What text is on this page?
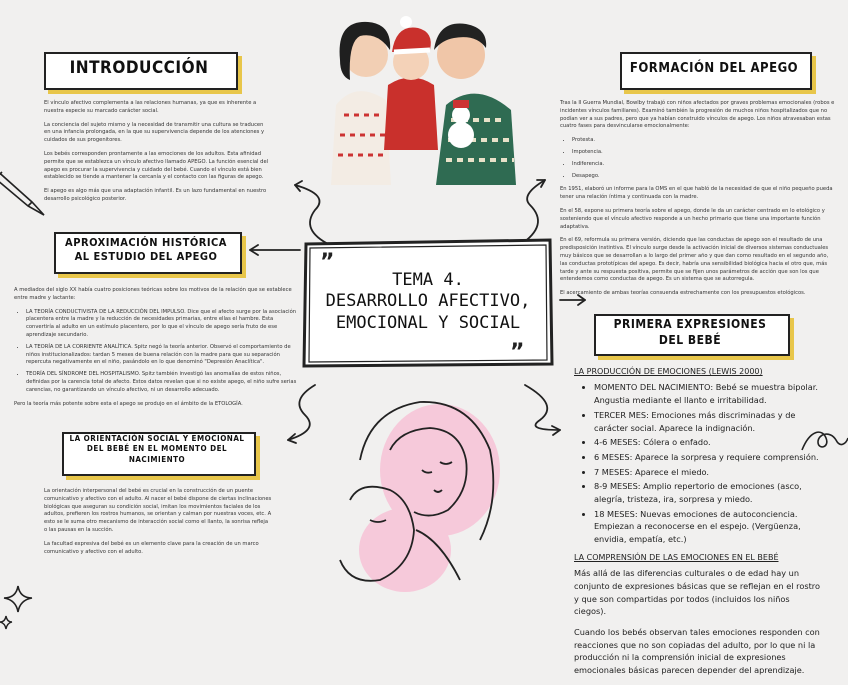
”
”
TEMA 4.
DESARROLLO AFECTIVO,
EMOCIONAL Y SOCIAL
INTRODUCCIÓN

El vínculo afectivo complementa a las relaciones humanas, ya que es inherente a nuestra especie su marcado carácter social.

La conciencia del sujeto mismo y la necesidad de transmitir una cultura se traducen en una infancia prolongada, en la que su supervivencia depende de los atenciones y cuidados de sus progenitores.

Los bebés corresponden prontamente a las emociones de los adultos. Esta afinidad permite que se establezca un vínculo afectivo llamado APEGO. La función esencial del apego es procurar la supervivencia y cuidado del bebé. Cuando el vínculo está bien establecido se tiende a mantener la cercanía y el contacto con las figuras de apego.

El apego es algo más que una adaptación infantil. Es un lazo fundamental en nuestro desarrollo psicológico posterior.

APROXIMACIÓN HISTÓRICA
AL ESTUDIO DEL APEGO

A mediados del siglo XX había cuatro posiciones teóricas sobre los motivos de la relación que se establece entre madre y lactante:

• LA TEORÍA CONDUCTIVISTA DE LA REDUCCIÓN DEL IMPULSO. Dice que el afecto surge por la asociación placentera entre la madre y la reducción de necesidades primarias, entre ellas el hambre. Esta convertiría al adulto en un estímulo placentero, por lo que el vínculo de apego sería fruto de ese aprendizaje secundario.
• LA TEORÍA DE LA CORRIENTE ANALÍTICA. Spitz negó la teoría anterior. Observó el comportamiento de niños institucionalizados: tardan 5 meses de buena relación con la madre para que su separación repercuta negativamente en el niño, pasándolo en lo que denominó "Depresión Anaclítica".
• TEORÍA DEL SÍNDROME DEL HOSPITALISMO. Spitz también investigó las anomalías de estos niños, definidas por la carencia total de afecto. Estos datos revelan que si no existe apego, el niño sufre serias carencias, no garantizando un vínculo afectivo, ni un desarrollo adecuado.

Pero la teoría más potente sobre esta el apego se produjo en el ámbito de la ETOLOGÍA.

LA ORIENTACIÓN SOCIAL Y EMOCIONAL
DEL BEBÉ EN EL MOMENTO DEL
NACIMIENTO

La orientación interpersonal del bebé es crucial en la construcción de un puente comunicativo y afectivo con el adulto. Al nacer el bebé dispone de ciertas inclinaciones biológicas que aseguran su condición social, imitan los movimientos faciales de los adultos, prefieren los rostros humanos, se orientan y calman por nuestras voces, etc. A esto se le suma otro mecanismo de interacción social como el llanto, la sonrisa refleja o las pausas en la succión.

La facultad expresiva del bebé es un elemento clave para la creación de un marco comunicativo y afectivo con el adulto.

FORMACIÓN DEL APEGO

Tras la II Guerra Mundial, Bowlby trabajó con niños afectados por graves problemas emocionales (robos e incidentes vínculos familiares). Examinó también la progresión de muchos niños hospitalizados que no podían ver a sus padres, pero que ya habían construido vínculos de apego. Los niños atravesaban estas cuatro fases para desvincularse emocionalmente:

• Protesta.
• Impotencia.
• Indiferencia.
• Desapego.

En 1951, elaboró un informe para la OMS en el que habló de la necesidad de que el niño pequeño pueda tener una relación íntima y continuada con la madre.

En el 58, expone su primera teoría sobre el apego, donde le da un carácter centrado en lo etológico y sosteniendo que el vínculo afectivo responde a un hecho primario que tiene una importante función adaptativa.

En el 69, reformula su primera versión, diciendo que las conductas de apego son el resultado de una predisposición instintiva. El vínculo surge desde la activación inicial de diversos sistemas conductuales muy básicos que se desarrollan a lo largo del primer año y que dan como resultado en el segundo año, las conductas prototípicas del apego. Es decir, habría una sensibilidad biológica hacia el otro que, más tarde y ante su respuesta positiva, permite que se fijen unos parámetros de acción que son los que entendemos como conductas de apego. Es un sistema que se autorregula.

El acercamiento de ambas teorías consuenda estrechamente con los presupuestos etológicos.

PRIMERA EXPRESIONES
DEL BEBÉ
LA PRODUCCIÓN DE EMOCIONES (LEWIS 2000)
• MOMENTO DEL NACIMIENTO: Bebé se muestra bipolar. Angustia mediante el llanto e irritabilidad.
• TERCER MES: Emociones más discriminadas y de carácter social. Aparece la indignación.
• 4-6 MESES: Cólera o enfado.
• 6 MESES: Aparece la sorpresa y requiere comprensión.
• 7 MESES: Aparece el miedo.
• 8-9 MESES: Amplio repertorio de emociones (asco, alegría, tristeza, ira, sorpresa y miedo.
• 18 MESES: Nuevas emociones de autoconciencia. Empiezan a reconocerse en el espejo. (Vergüenza, envidia, empatía, etc.)
LA COMPRENSIÓN DE LAS EMOCIONES EN EL BEBÉ

Más allá de las diferencias culturales o de edad hay un conjunto de expresiones básicas que se reflejan en el rostro y que son compartidas por todos (incluidos los niños ciegos).

Cuando los bebés observan tales emociones responden con reacciones que no son copiadas del adulto, por lo que ni la producción ni la comprensión inicial de expresiones emocionales básicas parecen depender del aprendizaje.
